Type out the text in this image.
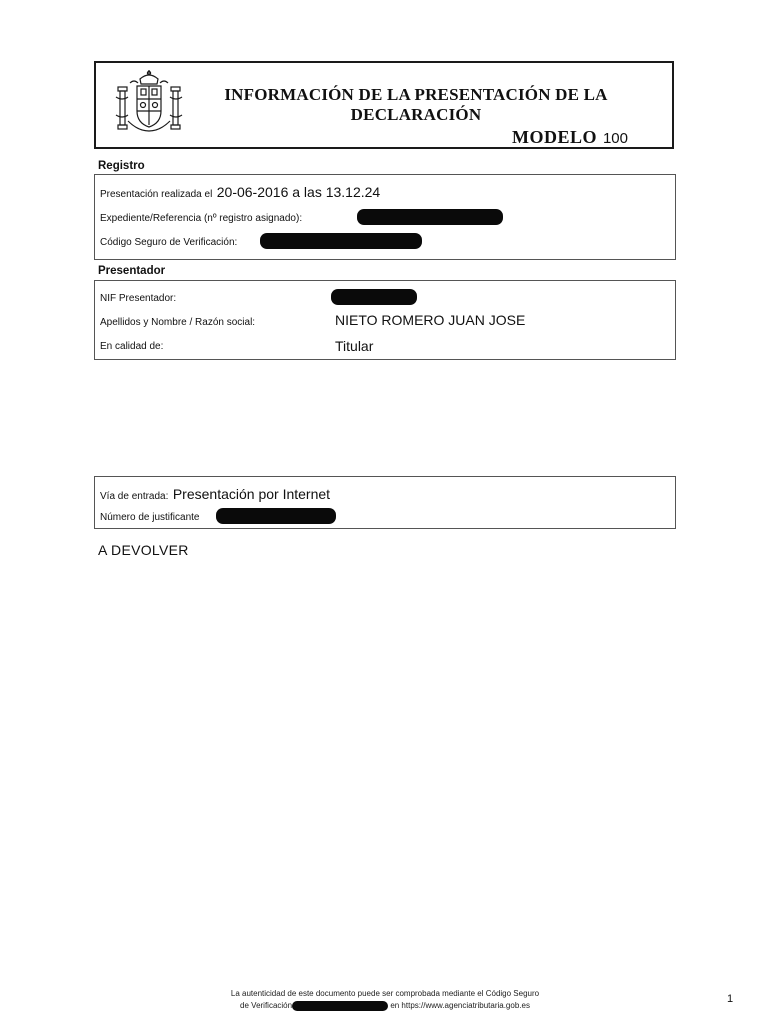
INFORMACIÓN DE LA PRESENTACIÓN DE LA
DECLARACIÓN
MODELO 100
Registro
Presentación realizada el 20-06-2016 a las 13.12.24
Expediente/Referencia (nº registro asignado):
Código Seguro de Verificación:
Presentador
NIF Presentador:
Apellidos y Nombre / Razón social:	NIETO ROMERO JUAN JOSE
En calidad de:	Titular
Vía de entrada: Presentación por Internet
Número de justificante
A DEVOLVER
La autenticidad de este documento puede ser comprobada mediante el Código Seguro
de Verificación	en https://www.agenciatributaria.gob.es
1
